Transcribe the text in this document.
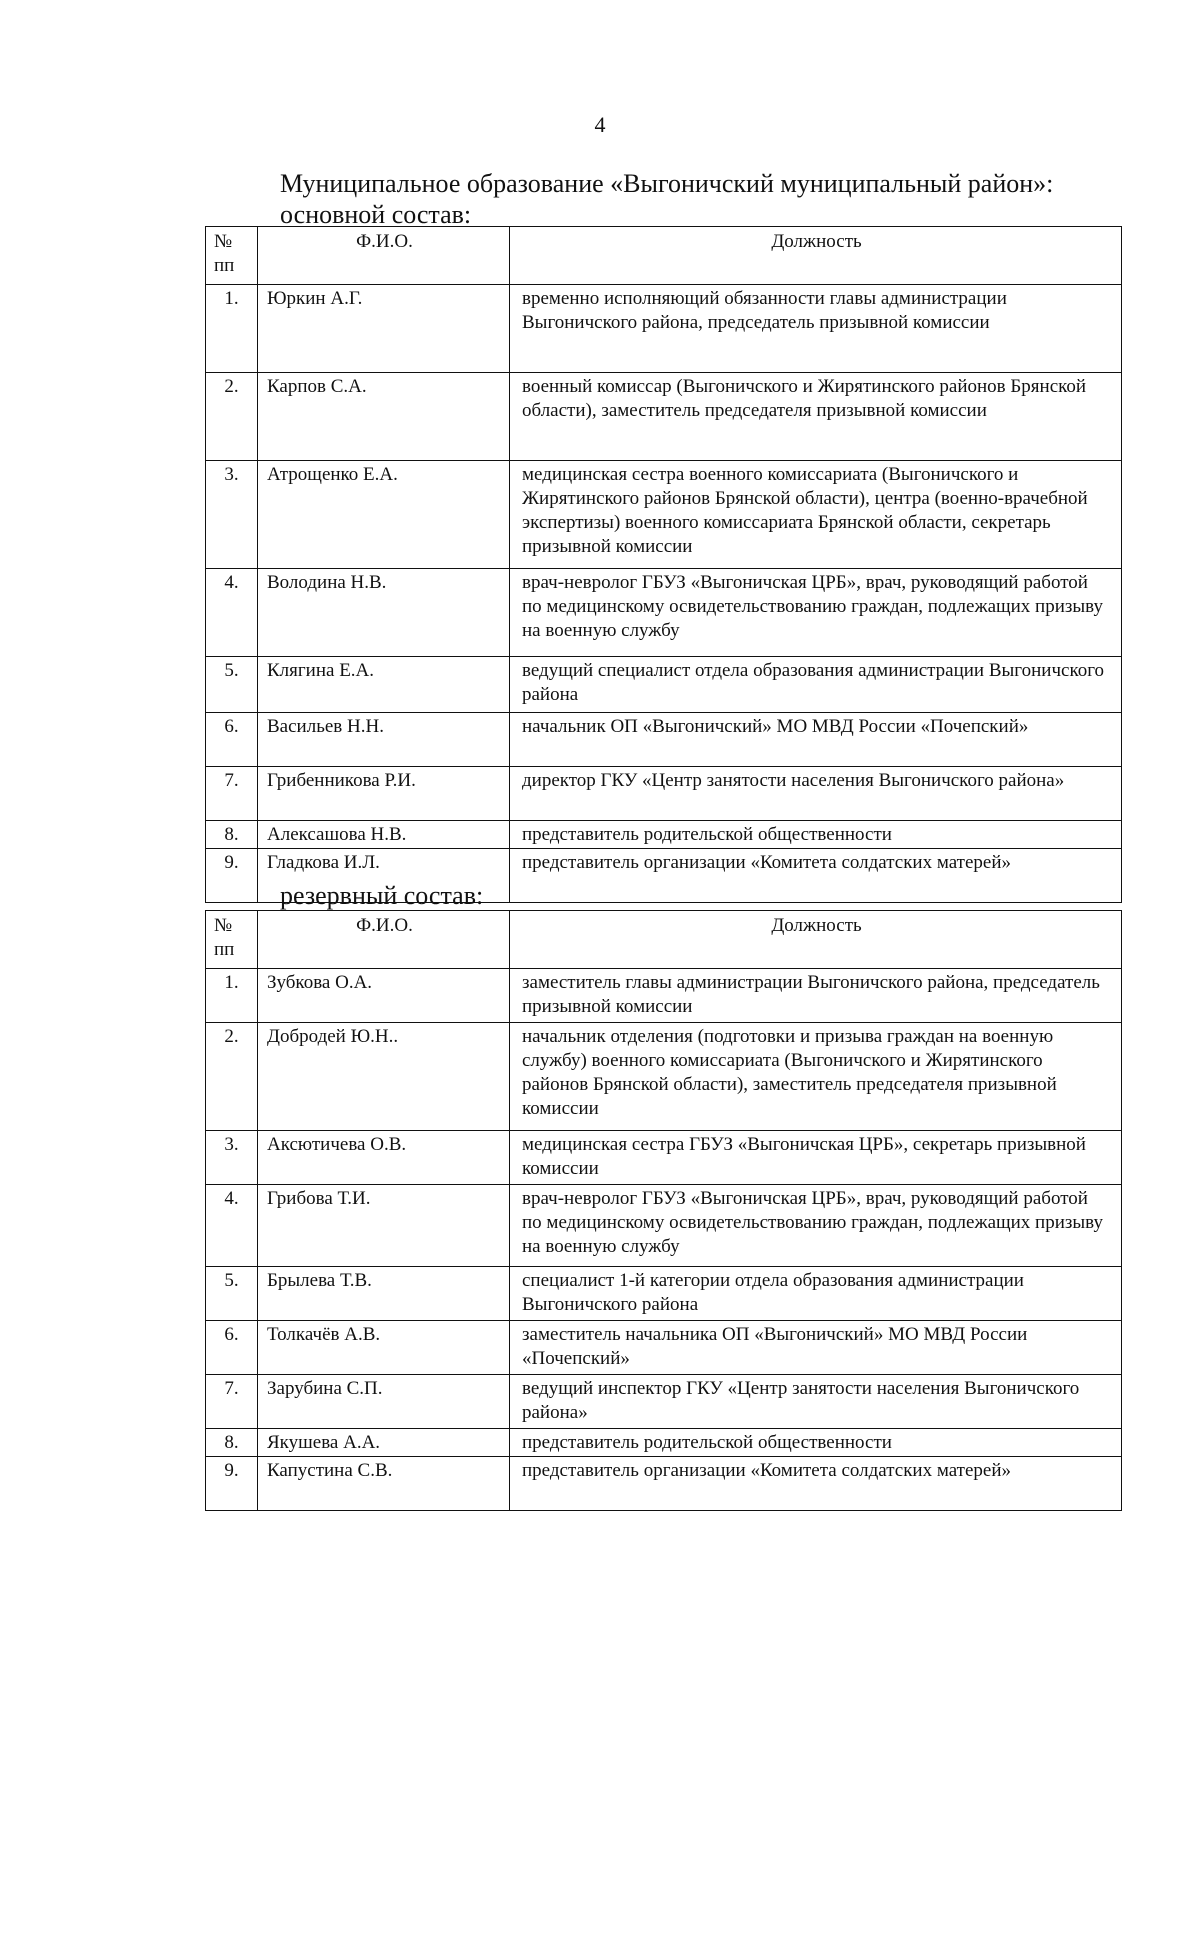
4
Муниципальное образование «Выгоничский муниципальный район»:
основной состав:
№ пп	Ф.И.О.	Должность
1.	Юркин А.Г.	временно исполняющий обязанности главы администрации Выгоничского района, председатель призывной комиссии
2.	Карпов С.А.	военный комиссар (Выгоничского и Жирятинского районов Брянской области), заместитель председателя призывной комиссии
3.	Атрощенко Е.А.	медицинская сестра военного комиссариата (Выгоничского и Жирятинского районов Брянской области), центра (военно-врачебной экспертизы) военного комиссариата Брянской области, секретарь призывной комиссии
4.	Володина Н.В.	врач-невролог ГБУЗ «Выгоничская ЦРБ», врач, руководящий работой по медицинскому освидетельствованию граждан, подлежащих призыву на военную службу
5.	Клягина Е.А.	ведущий специалист отдела образования администрации Выгоничского района
6.	Васильев Н.Н.	начальник ОП «Выгоничский» МО МВД России «Почепский»
7.	Грибенникова Р.И.	директор ГКУ «Центр занятости населения Выгоничского района»
8.	Алексашова Н.В.	представитель родительской общественности
9.	Гладкова И.Л.	представитель организации «Комитета солдатских матерей»
резервный состав:
№ пп	Ф.И.О.	Должность
1.	Зубкова О.А.	заместитель главы администрации Выгоничского района, председатель призывной комиссии
2.	Добродей Ю.Н..	начальник отделения (подготовки и призыва граждан на военную службу) военного комиссариата (Выгоничского и Жирятинского районов Брянской области), заместитель председателя призывной комиссии
3.	Аксютичева О.В.	медицинская сестра ГБУЗ «Выгоничская ЦРБ», секретарь призывной комиссии
4.	Грибова Т.И.	врач-невролог ГБУЗ «Выгоничская ЦРБ», врач, руководящий работой по медицинскому освидетельствованию граждан, подлежащих призыву на военную службу
5.	Брылева Т.В.	специалист 1-й категории отдела образования администрации Выгоничского района
6.	Толкачёв А.В.	заместитель начальника ОП «Выгоничский» МО МВД России «Почепский»
7.	Зарубина С.П.	ведущий инспектор ГКУ «Центр занятости населения Выгоничского района»
8.	Якушева А.А.	представитель родительской общественности
9.	Капустина С.В.	представитель организации «Комитета солдатских матерей»
